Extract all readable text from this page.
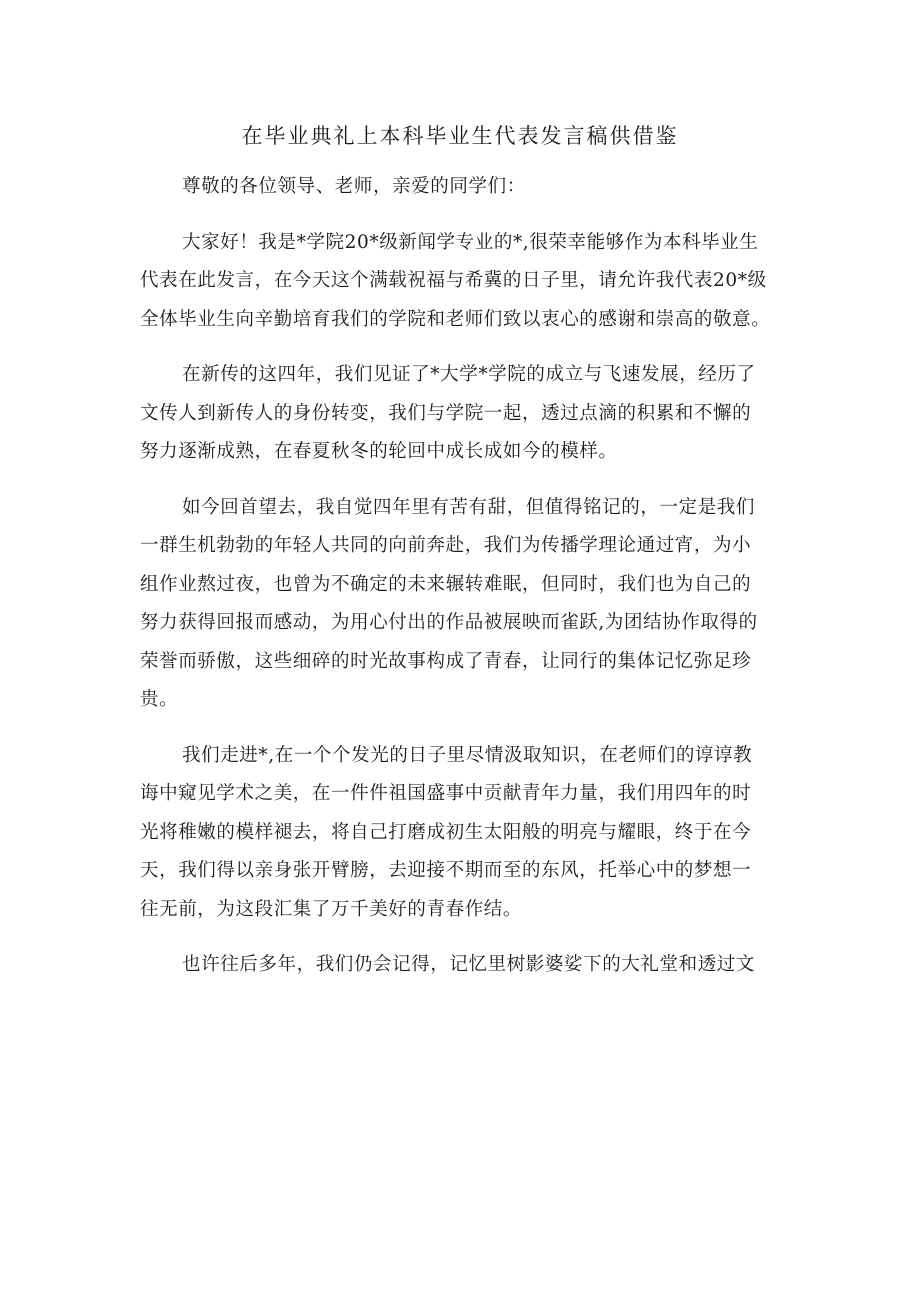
在毕业典礼上本科毕业生代表发言稿供借鉴
尊敬的各位领导、老师，亲爱的同学们：
大家好！我是*学院20*级新闻学专业的*,很荣幸能够作为本科毕业生
代表在此发言，在今天这个满载祝福与希冀的日子里，请允许我代表20*级
全体毕业生向辛勤培育我们的学院和老师们致以衷心的感谢和崇高的敬意。
在新传的这四年，我们见证了*大学*学院的成立与飞速发展，经历了
文传人到新传人的身份转变，我们与学院一起，透过点滴的积累和不懈的
努力逐渐成熟，在春夏秋冬的轮回中成长成如今的模样。
如今回首望去，我自觉四年里有苦有甜，但值得铭记的，一定是我们
一群生机勃勃的年轻人共同的向前奔赴，我们为传播学理论通过宵，为小
组作业熬过夜，也曾为不确定的未来辗转难眠，但同时，我们也为自己的
努力获得回报而感动，为用心付出的作品被展映而雀跃,为团结协作取得的
荣誉而骄傲，这些细碎的时光故事构成了青春，让同行的集体记忆弥足珍
贵。
我们走进*,在一个个发光的日子里尽情汲取知识，在老师们的谆谆教
诲中窥见学术之美，在一件件祖国盛事中贡献青年力量，我们用四年的时
光将稚嫩的模样褪去，将自己打磨成初生太阳般的明亮与耀眼，终于在今
天，我们得以亲身张开臂膀，去迎接不期而至的东风，托举心中的梦想一
往无前，为这段汇集了万千美好的青春作结。
也许往后多年，我们仍会记得，记忆里树影婆娑下的大礼堂和透过文
